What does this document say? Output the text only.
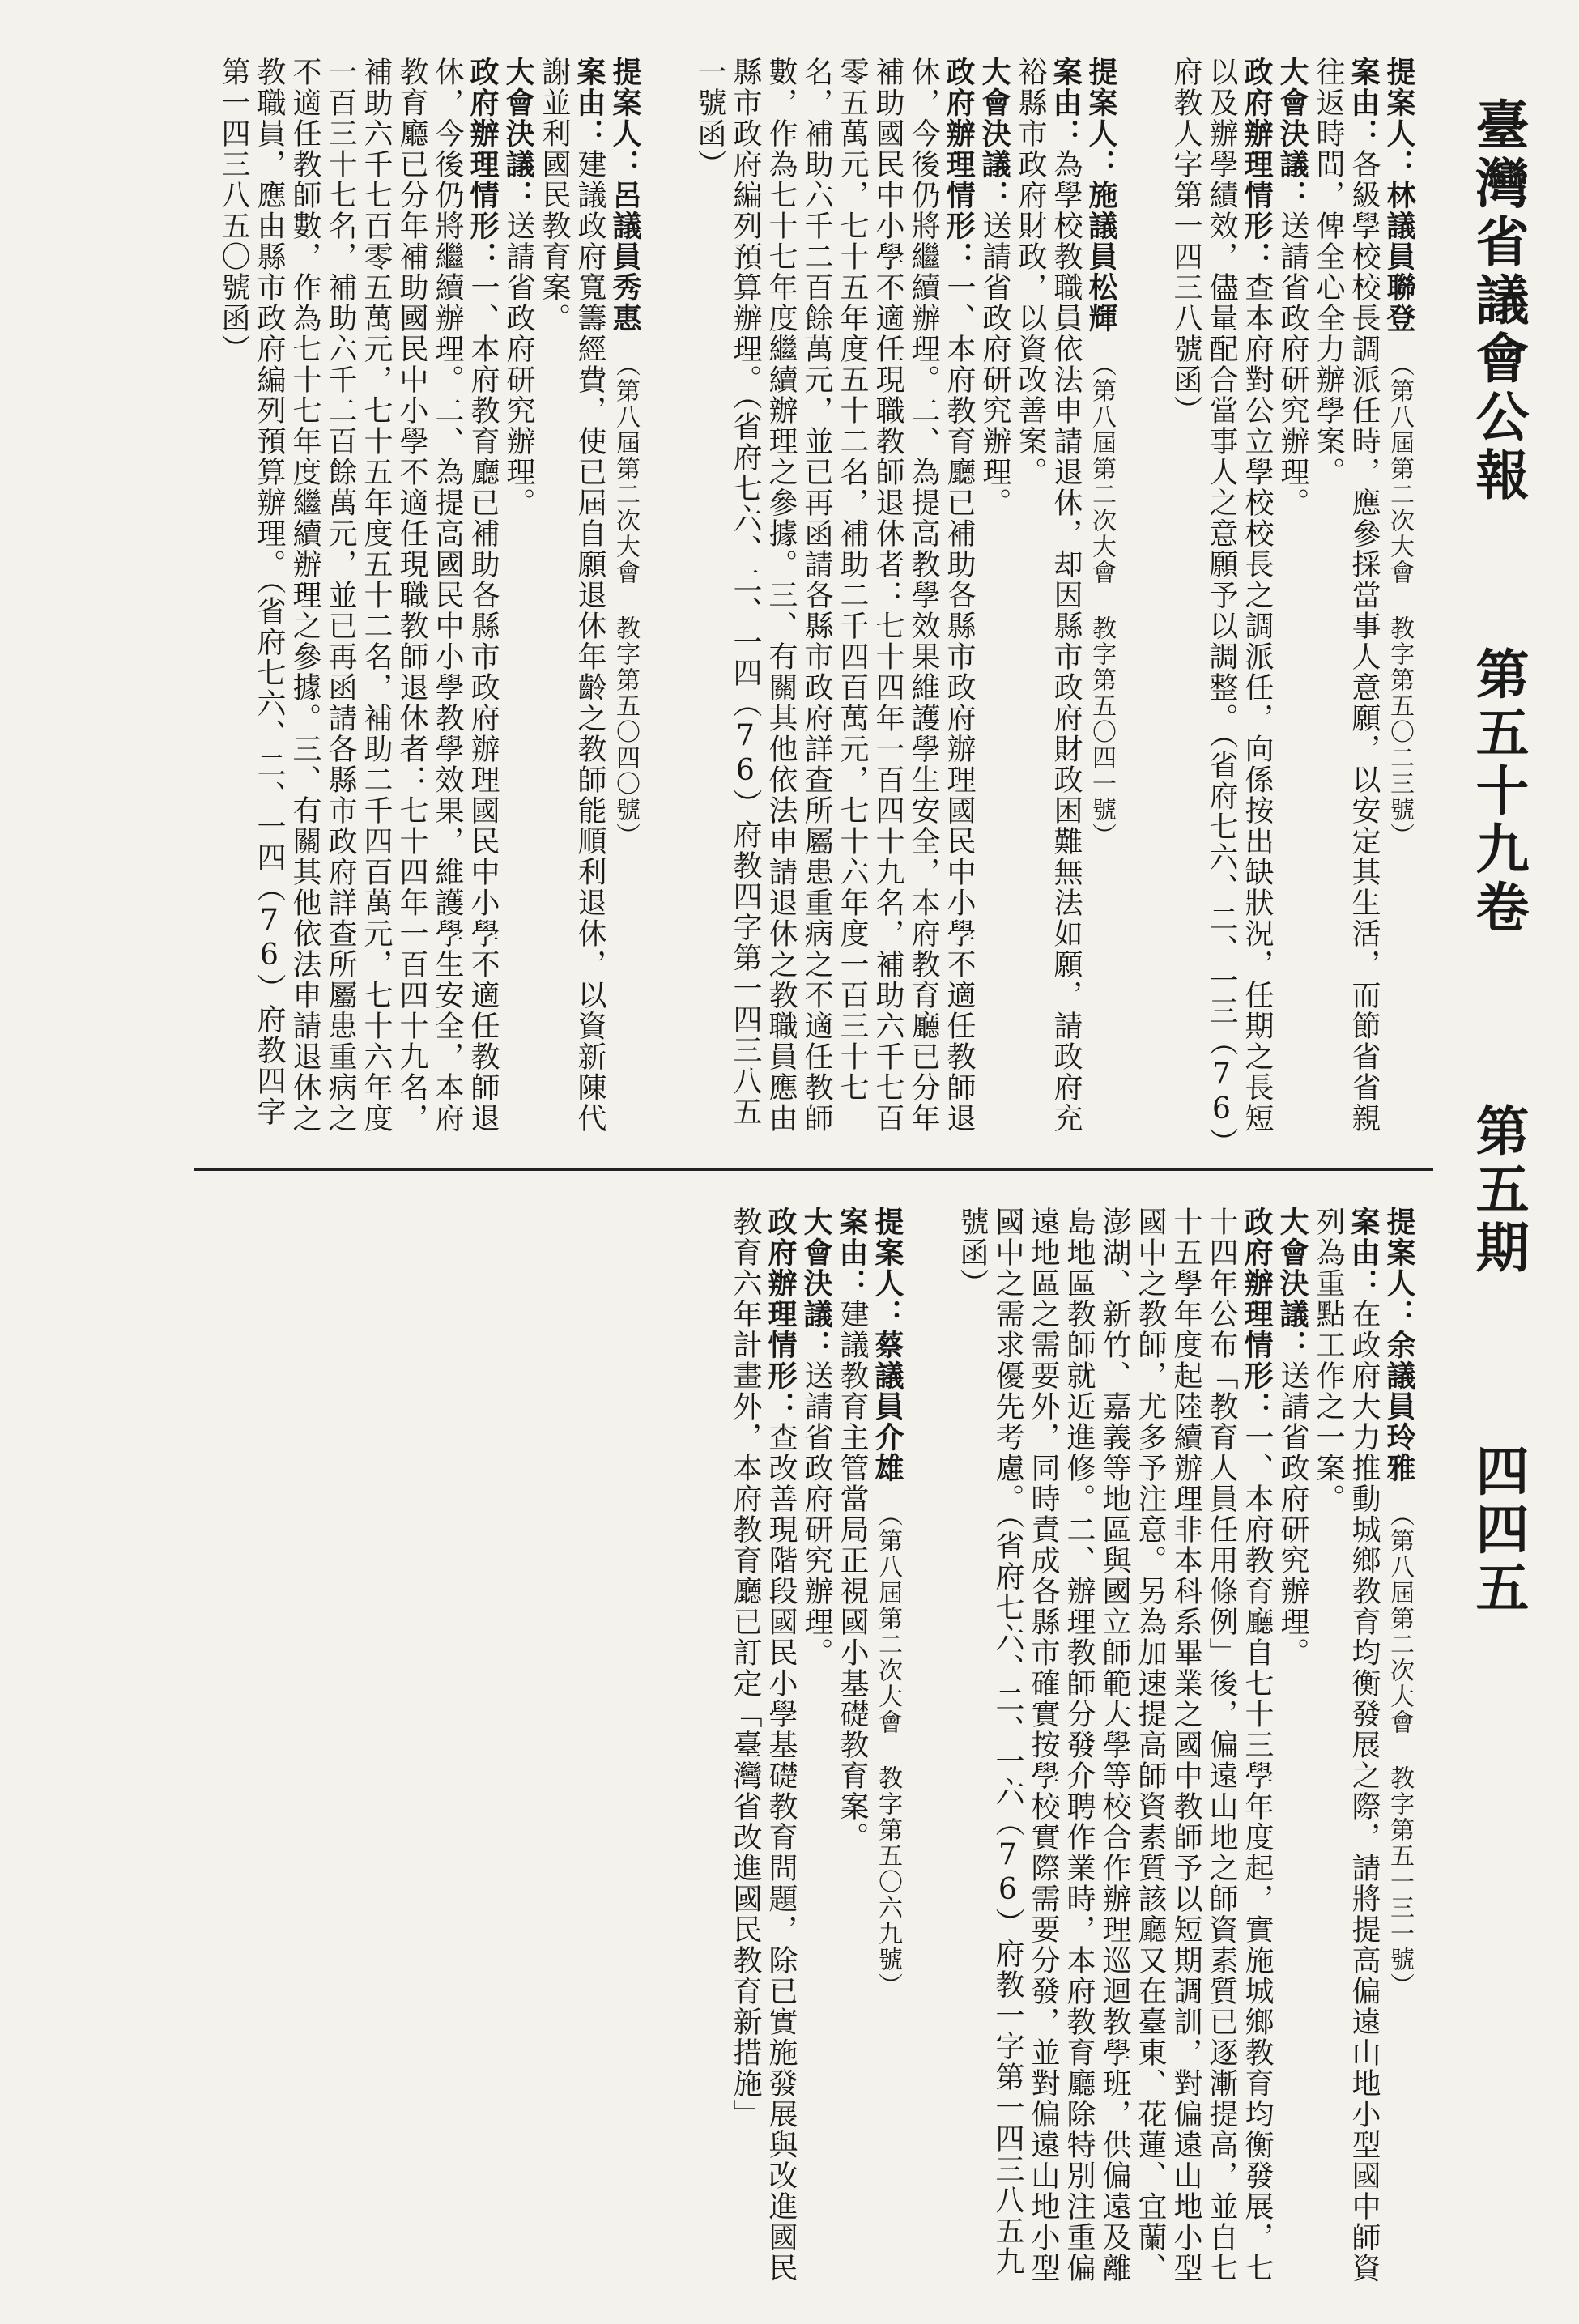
臺灣省議會公報 第五十九卷 第五期 四四五
提案人：林議員聯登　（第八屆第二次大會 教字第五〇二三號）
案由：各級學校校長調派任時，應參採當事人意願，以安定其生活，而節省省親往返時間，俾全心全力辦學案。
大會決議：送請省政府研究辦理。
政府辦理情形：查本府對公立學校校長之調派任，向係按出缺狀況，任期之長短以及辦學績效，儘量配合當事人之意願予以調整。（省府七六、二、一三（76）府教人字第一四三八號函）
提案人：施議員松輝　（第八屆第二次大會 教字第五〇四一號）
案由：為學校教職員依法申請退休，却因縣市政府財政困難無法如願，請政府充裕縣市政府財政，以資改善案。
大會決議：送請省政府研究辦理。
政府辦理情形：一、本府教育廳已補助各縣市政府辦理國民中小學不適任教師退休，今後仍將繼續辦理。二、為提高教學效果維護學生安全，本府教育廳已分年補助國民中小學不適任現職教師退休者：七十四年一百四十九名，補助六千七百零五萬元，七十五年度五十二名，補助二千四百萬元，七十六年度一百三十七名，補助六千二百餘萬元，並已再函請各縣市政府詳查所屬患重病之不適任教師數，作為七十七年度繼續辦理之參據。三、有關其他依法申請退休之教職員應由縣市政府編列預算辦理。（省府七六、二、一四（76）府教四字第一四三八五一號函）
提案人：呂議員秀惠　（第八屆第二次大會 教字第五〇四〇號）
案由：建議政府寬籌經費，使已屆自願退休年齡之教師能順利退休，以資新陳代謝並利國民教育案。
大會決議：送請省政府研究辦理。
政府辦理情形：一、本府教育廳已補助各縣市政府辦理國民中小學不適任教師退休，今後仍將繼續辦理。二、為提高國民中小學教學效果，維護學生安全，本府教育廳已分年補助國民中小學不適任現職教師退休者：七十四年一百四十九名，補助六千七百零五萬元，七十五年度五十二名，補助二千四百萬元，七十六年度一百三十七名，補助六千二百餘萬元，並已再函請各縣市政府詳查所屬患重病之不適任教師數，作為七十七年度繼續辦理之參據。三、有關其他依法申請退休之教職員，應由縣市政府編列預算辦理。（省府七六、二、一四（76）府教四字第一四三八五〇號函）
提案人：余議員玲雅　（第八屆第二次大會 教字第五一三一號）
案由：在政府大力推動城鄉教育均衡發展之際，請將提高偏遠山地小型國中師資列為重點工作之一案。
大會決議：送請省政府研究辦理。
政府辦理情形：一、本府教育廳自七十三學年度起，實施城鄉教育均衡發展，七十四年公布「教育人員任用條例」後，偏遠山地之師資素質已逐漸提高，並自七十五學年度起陸續辦理非本科系畢業之國中教師予以短期調訓，對偏遠山地小型國中之教師，尤多予注意。另為加速提高師資素質該廳又在臺東、花蓮、宜蘭、澎湖、新竹、嘉義等地區與國立師範大學等校合作辦理巡迴教學班，供偏遠及離島地區教師就近進修。二、辦理教師分發介聘作業時，本府教育廳除特別注重偏遠地區之需要外，同時責成各縣市確實按學校實際需要分發，並對偏遠山地小型國中之需求優先考慮。（省府七六、二、一六（76）府教一字第一四三八五九號函）
提案人：蔡議員介雄　（第八屆第二次大會 教字第五〇六九號）
案由：建議教育主管當局正視國小基礎教育案。
大會決議：送請省政府研究辦理。
政府辦理情形：查改善現階段國民小學基礎教育問題，除已實施發展與改進國民教育六年計畫外，本府教育廳已訂定「臺灣省改進國民教育新措施」
